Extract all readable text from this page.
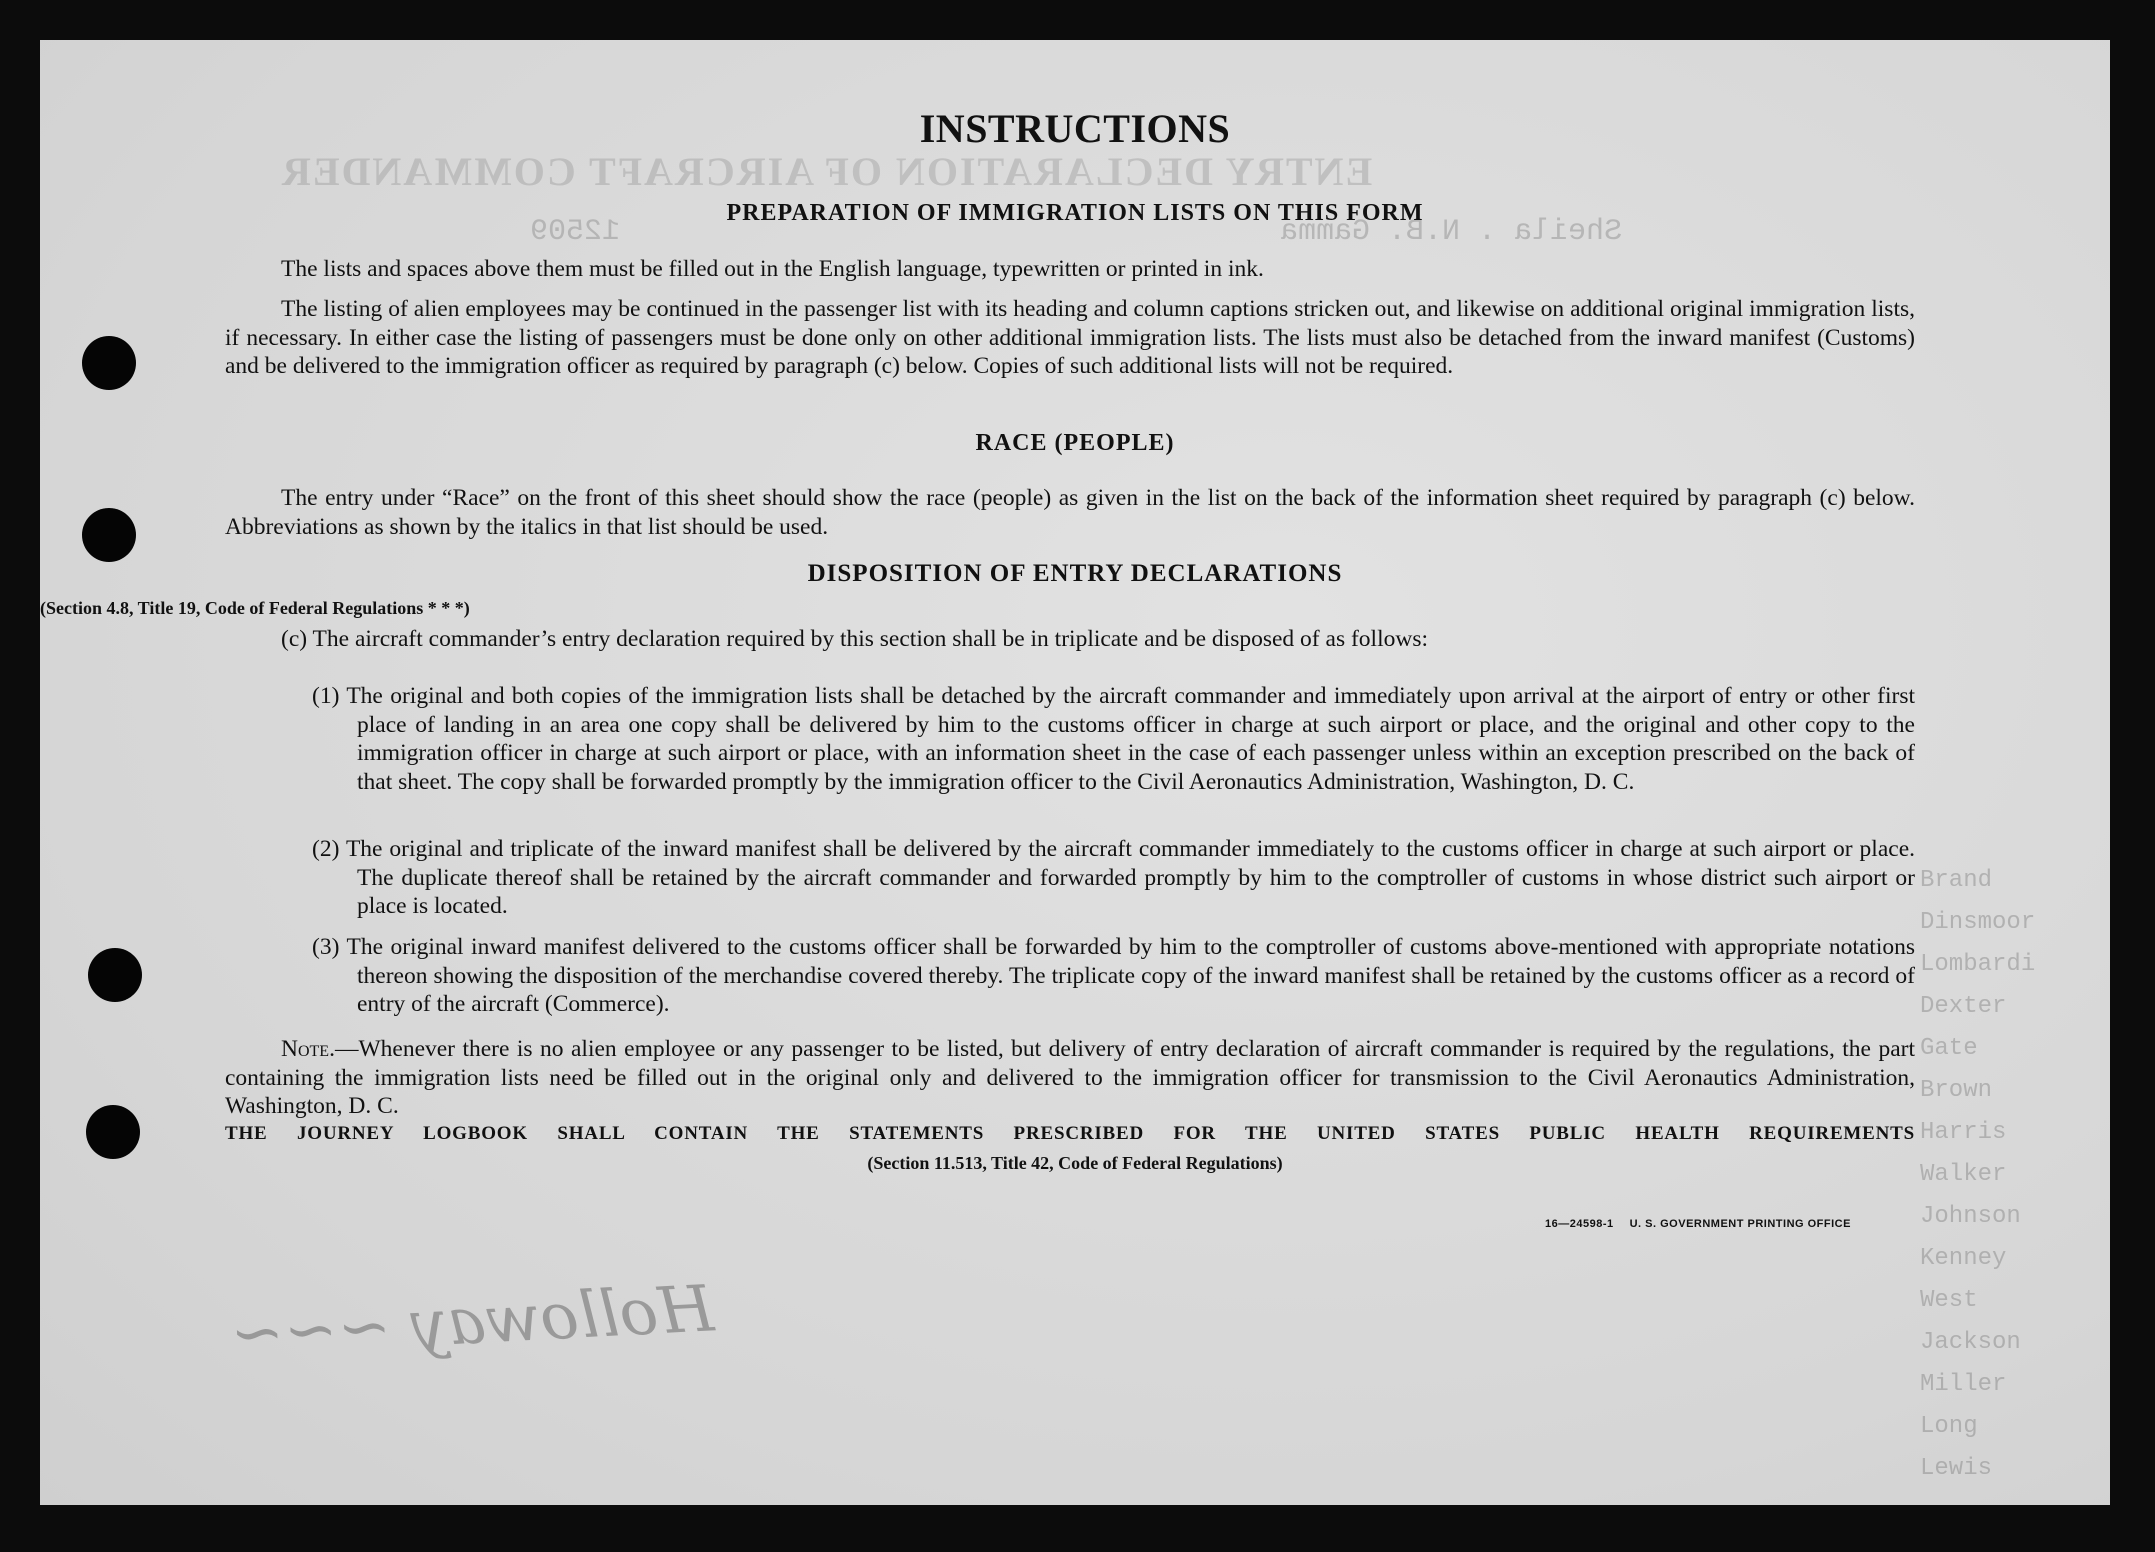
ENTRY DECLARATION OF AIRCRAFT COMMANDER
Sheila . N.B. Gamma
12509
Brand
Dinsmoor
Lombardi
Dexter
Gate
Brown
Harris
Walker
Johnson
Kenney
West
Jackson
Miller
Long
Lewis
Holloway ~~~
INSTRUCTIONS
PREPARATION OF IMMIGRATION LISTS ON THIS FORM
The lists and spaces above them must be filled out in the English language, typewritten or printed in ink.
The listing of alien employees may be continued in the passenger list with its heading and column captions stricken out, and likewise on additional original immigration lists, if necessary. In either case the listing of passengers must be done only on other additional immigration lists. The lists must also be detached from the inward manifest (Customs) and be delivered to the immigration officer as required by paragraph (c) below. Copies of such additional lists will not be required.
RACE (PEOPLE)
The entry under “Race” on the front of this sheet should show the race (people) as given in the list on the back of the information sheet required by paragraph (c) below. Abbreviations as shown by the italics in that list should be used.
DISPOSITION OF ENTRY DECLARATIONS
(Section 4.8, Title 19, Code of Federal Regulations * * *)
(c) The aircraft commander’s entry declaration required by this section shall be in triplicate and be disposed of as follows:
(1) The original and both copies of the immigration lists shall be detached by the aircraft commander and immediately upon arrival at the airport of entry or other first place of landing in an area one copy shall be delivered by him to the customs officer in charge at such airport or place, and the original and other copy to the immigration officer in charge at such airport or place, with an information sheet in the case of each passenger unless within an exception prescribed on the back of that sheet. The copy shall be forwarded promptly by the immigration officer to the Civil Aeronautics Administration, Washington, D. C.
(2) The original and triplicate of the inward manifest shall be delivered by the aircraft commander immediately to the customs officer in charge at such airport or place. The duplicate thereof shall be retained by the aircraft commander and forwarded promptly by him to the comptroller of customs in whose district such airport or place is located.
(3) The original inward manifest delivered to the customs officer shall be forwarded by him to the comptroller of customs above-mentioned with appropriate notations thereon showing the disposition of the merchandise covered thereby. The triplicate copy of the inward manifest shall be retained by the customs officer as a record of entry of the aircraft (Commerce).
Note.—Whenever there is no alien employee or any passenger to be listed, but delivery of entry declaration of aircraft commander is required by the regulations, the part containing the immigration lists need be filled out in the original only and delivered to the immigration officer for transmission to the Civil Aeronautics Administration, Washington, D. C.
THE JOURNEY LOGBOOK SHALL CONTAIN THE STATEMENTS PRESCRIBED FOR THE UNITED STATES PUBLIC HEALTH REQUIREMENTS
(Section 11.513, Title 42, Code of Federal Regulations)
16—24598-1 U. S. GOVERNMENT PRINTING OFFICE
